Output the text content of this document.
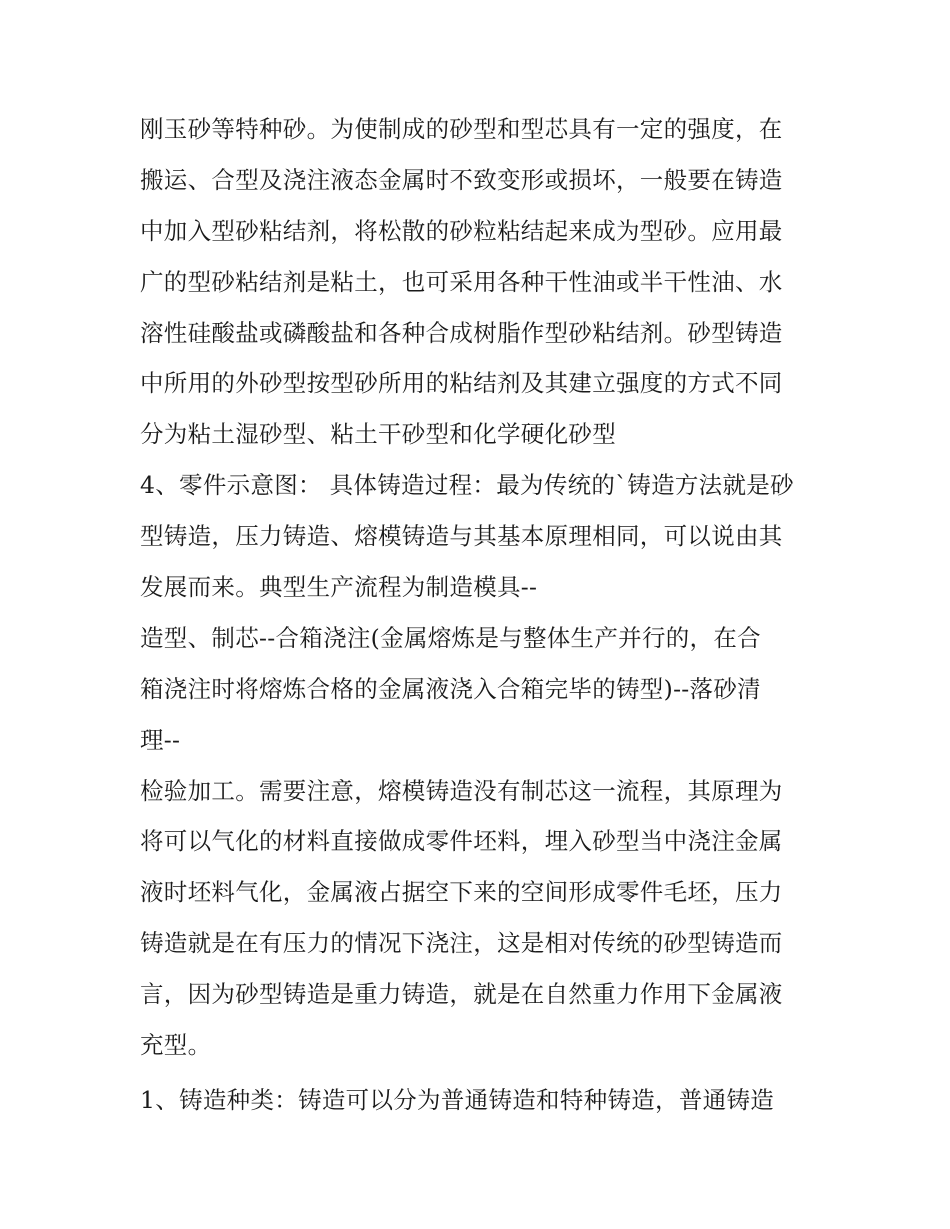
刚玉砂等特种砂。为使制成的砂型和型芯具有一定的强度，在
搬运、合型及浇注液态金属时不致变形或损坏，一般要在铸造
中加入型砂粘结剂，将松散的砂粒粘结起来成为型砂。应用最
广的型砂粘结剂是粘土，也可采用各种干性油或半干性油、水
溶性硅酸盐或磷酸盐和各种合成树脂作型砂粘结剂。砂型铸造
中所用的外砂型按型砂所用的粘结剂及其建立强度的方式不同
分为粘土湿砂型、粘土干砂型和化学硬化砂型
4、零件示意图： 具体铸造过程：最为传统的`铸造方法就是砂
型铸造，压力铸造、熔模铸造与其基本原理相同，可以说由其
发展而来。典型生产流程为制造模具--
造型、制芯--合箱浇注(金属熔炼是与整体生产并行的，在合
箱浇注时将熔炼合格的金属液浇入合箱完毕的铸型)--落砂清
理--
检验加工。需要注意，熔模铸造没有制芯这一流程，其原理为
将可以气化的材料直接做成零件坯料，埋入砂型当中浇注金属
液时坯料气化，金属液占据空下来的空间形成零件毛坯，压力
铸造就是在有压力的情况下浇注，这是相对传统的砂型铸造而
言，因为砂型铸造是重力铸造，就是在自然重力作用下金属液
充型。
1、铸造种类：铸造可以分为普通铸造和特种铸造，普通铸造
